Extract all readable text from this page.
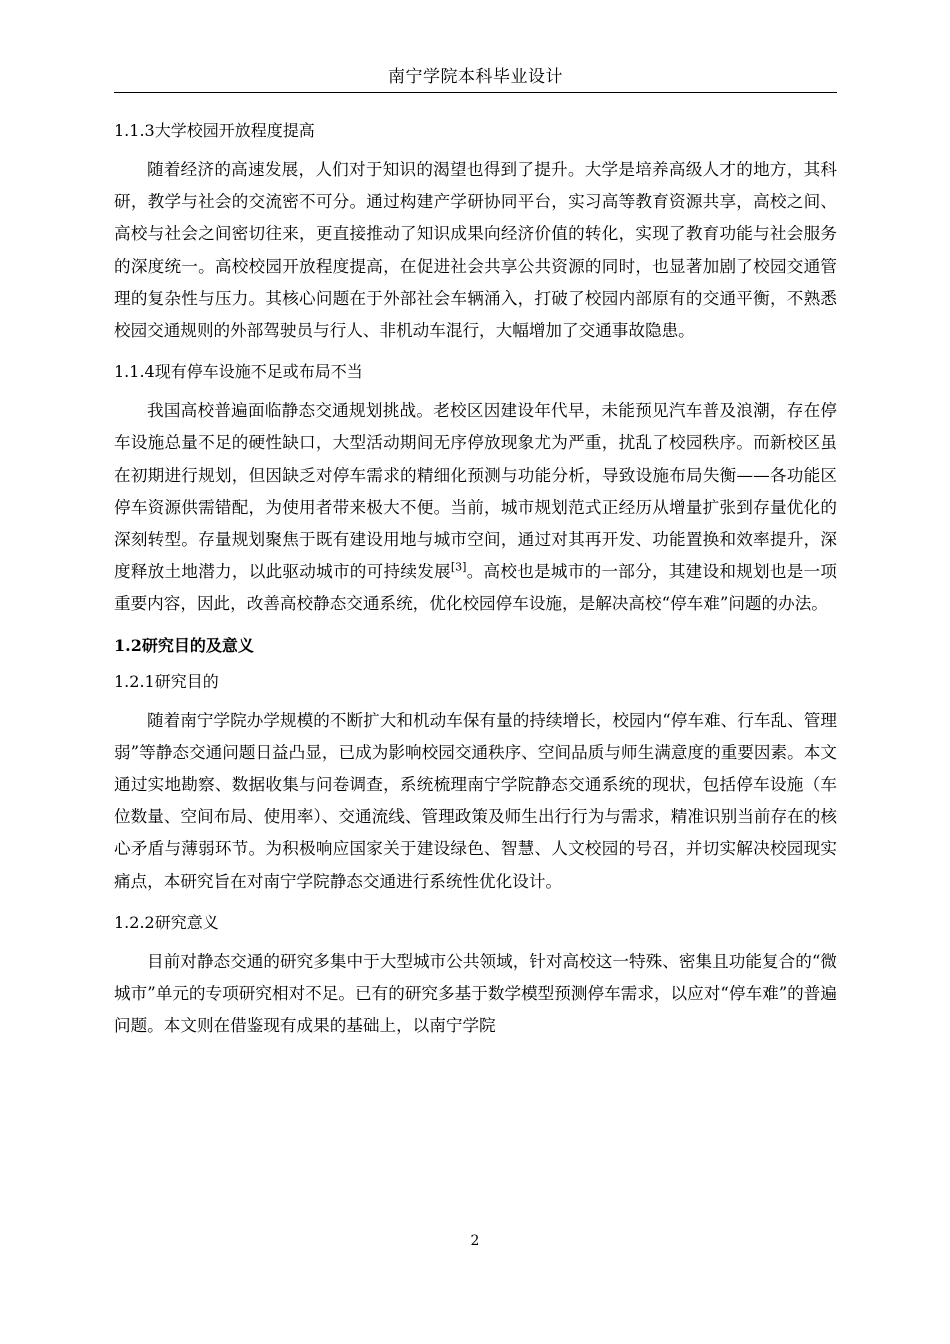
南宁学院本科毕业设计
1.1.3大学校园开放程度提高

随着经济的高速发展，人们对于知识的渴望也得到了提升。大学是培养高级人才的地方，其科研，教学与社会的交流密不可分。通过构建产学研协同平台，实习高等教育资源共享，高校之间、高校与社会之间密切往来，更直接推动了知识成果向经济价值的转化，实现了教育功能与社会服务的深度统一。高校校园开放程度提高，在促进社会共享公共资源的同时，也显著加剧了校园交通管理的复杂性与压力。其核心问题在于外部社会车辆涌入，打破了校园内部原有的交通平衡，不熟悉校园交通规则的外部驾驶员与行人、非机动车混行，大幅增加了交通事故隐患。

1.1.4现有停车设施不足或布局不当

我国高校普遍面临静态交通规划挑战。老校区因建设年代早，未能预见汽车普及浪潮，存在停车设施总量不足的硬性缺口，大型活动期间无序停放现象尤为严重，扰乱了校园秩序。而新校区虽在初期进行规划，但因缺乏对停车需求的精细化预测与功能分析，导致设施布局失衡——各功能区停车资源供需错配，为使用者带来极大不便。当前，城市规划范式正经历从增量扩张到存量优化的深刻转型。存量规划聚焦于既有建设用地与城市空间，通过对其再开发、功能置换和效率提升，深度释放土地潜力，以此驱动城市的可持续发展[3]。高校也是城市的一部分，其建设和规划也是一项重要内容，因此，改善高校静态交通系统，优化校园停车设施，是解决高校“停车难”问题的办法。

1.2研究目的及意义
1.2.1研究目的

随着南宁学院办学规模的不断扩大和机动车保有量的持续增长，校园内“停车难、行车乱、管理弱”等静态交通问题日益凸显，已成为影响校园交通秩序、空间品质与师生满意度的重要因素。本文通过实地勘察、数据收集与问卷调查，系统梳理南宁学院静态交通系统的现状，包括停车设施（车位数量、空间布局、使用率）、交通流线、管理政策及师生出行行为与需求，精准识别当前存在的核心矛盾与薄弱环节。为积极响应国家关于建设绿色、智慧、人文校园的号召，并切实解决校园现实痛点，本研究旨在对南宁学院静态交通进行系统性优化设计。

1.2.2研究意义

目前对静态交通的研究多集中于大型城市公共领域，针对高校这一特殊、密集且功能复合的“微城市”单元的专项研究相对不足。已有的研究多基于数学模型预测停车需求，以应对“停车难”的普遍问题。本文则在借鉴现有成果的基础上，以南宁学院

2
